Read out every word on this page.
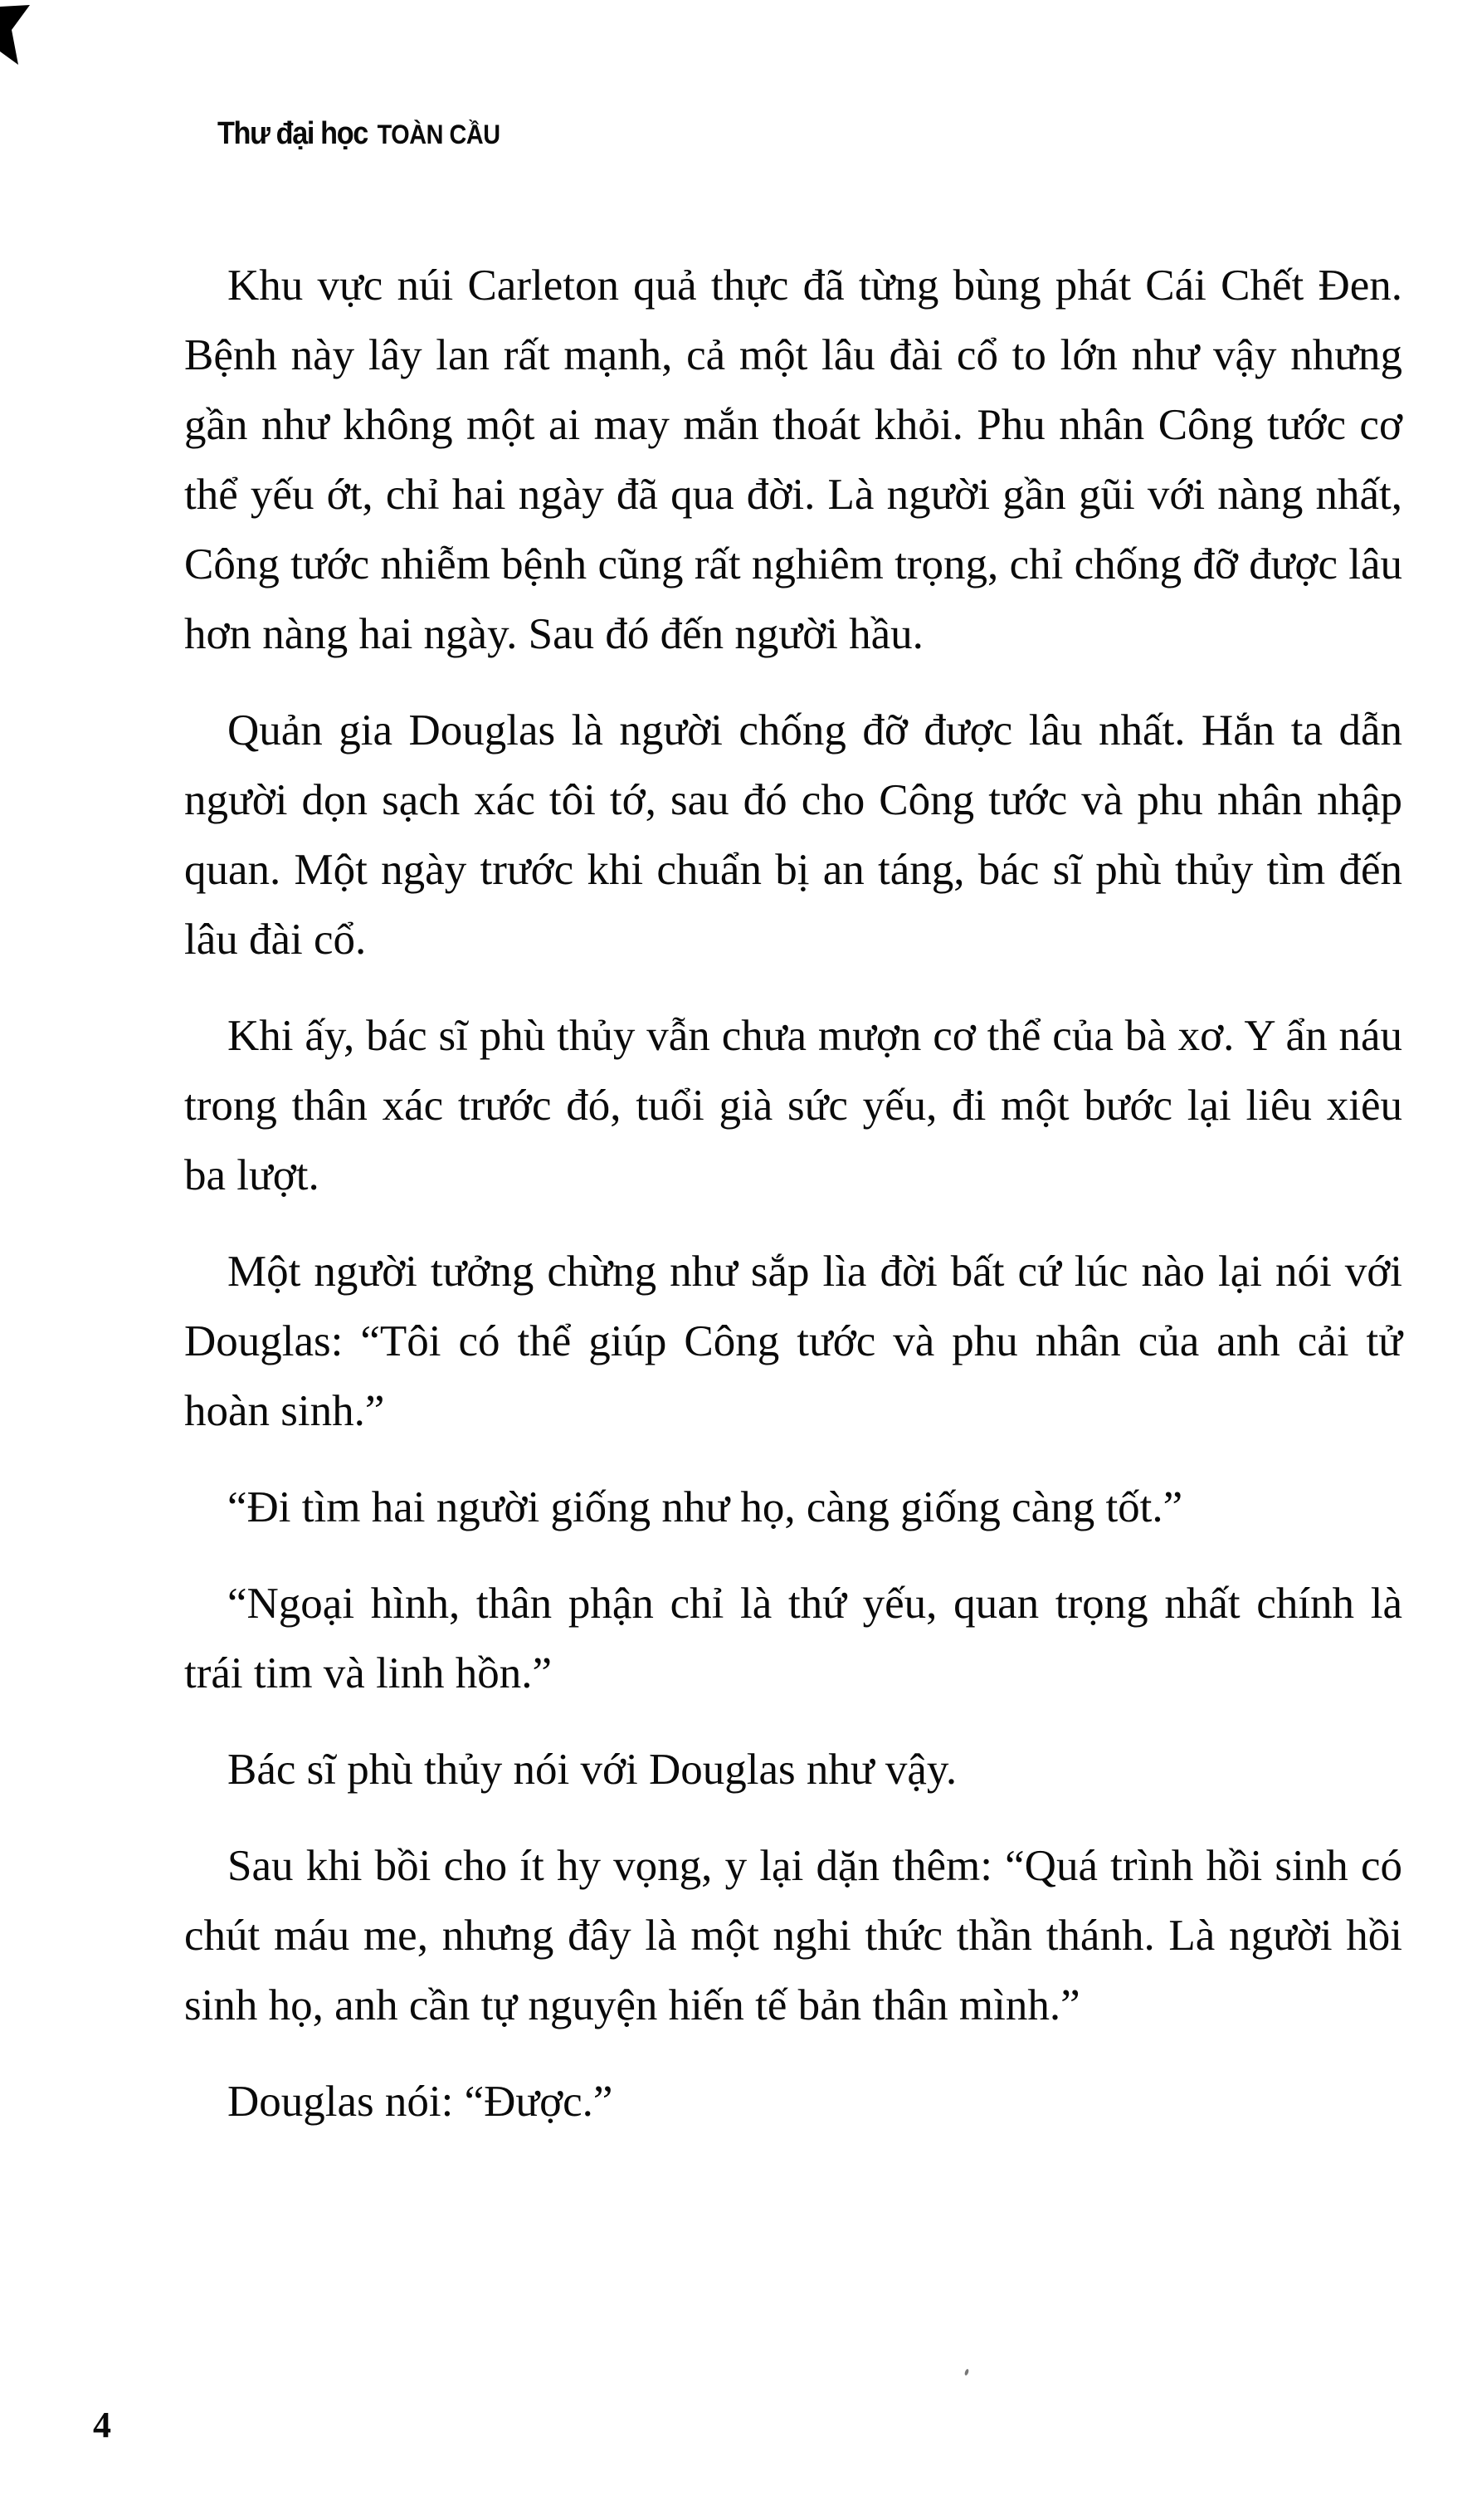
Thư đại học TOÀN CẦU

Khu vực núi Carleton quả thực đã từng bùng phát Cái Chết Đen. Bệnh này lây lan rất mạnh, cả một lâu đài cổ to lớn như vậy nhưng gần như không một ai may mắn thoát khỏi. Phu nhân Công tước cơ thể yếu ớt, chỉ hai ngày đã qua đời. Là người gần gũi với nàng nhất, Công tước nhiễm bệnh cũng rất nghiêm trọng, chỉ chống đỡ được lâu hơn nàng hai ngày. Sau đó đến người hầu.

Quản gia Douglas là người chống đỡ được lâu nhất. Hắn ta dẫn người dọn sạch xác tôi tớ, sau đó cho Công tước và phu nhân nhập quan. Một ngày trước khi chuẩn bị an táng, bác sĩ phù thủy tìm đến lâu đài cổ.

Khi ấy, bác sĩ phù thủy vẫn chưa mượn cơ thể của bà xơ. Y ẩn náu trong thân xác trước đó, tuổi già sức yếu, đi một bước lại liêu xiêu ba lượt.

Một người tưởng chừng như sắp lìa đời bất cứ lúc nào lại nói với Douglas: “Tôi có thể giúp Công tước và phu nhân của anh cải tử hoàn sinh.”

“Đi tìm hai người giống như họ, càng giống càng tốt.”

“Ngoại hình, thân phận chỉ là thứ yếu, quan trọng nhất chính là trái tim và linh hồn.”

Bác sĩ phù thủy nói với Douglas như vậy.

Sau khi bồi cho ít hy vọng, y lại dặn thêm: “Quá trình hồi sinh có chút máu me, nhưng đây là một nghi thức thần thánh. Là người hồi sinh họ, anh cần tự nguyện hiến tế bản thân mình.”

Douglas nói: “Được.”

4
